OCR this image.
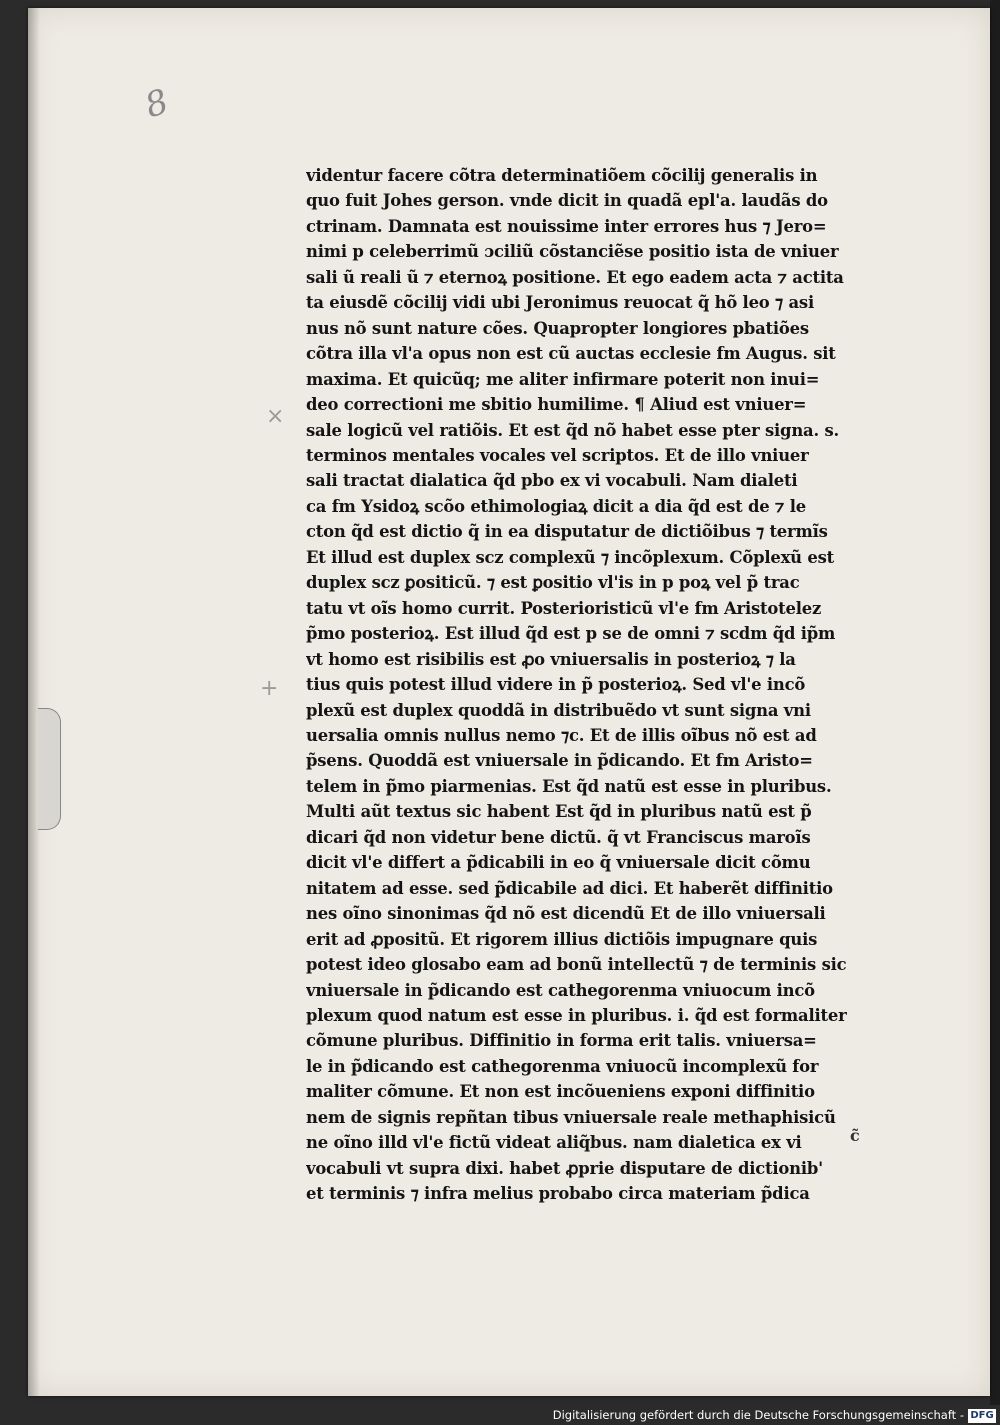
8
×
+
videntur facere cõtra determinatiõem cõcilij generalis in
quo fuit Johes gerson. vnde dicit in quadã epl'a. laudãs do
ctrinam. Damnata est nouissime inter errores hus ⁊ Jero=
nimi p celeberrimũ ɔciliũ cõstanciẽse positio ista de vniuer
sali ũ reali ũ ⁊ eternoꝝ positione. Et ego eadem acta ⁊ actita
ta eiusdẽ cõcilij vidi ubi Jeronimus reuocat q̃ hõ leo ⁊ asi
nus nõ sunt nature cões. Quapropter longiores pbatiões
cõtra illa vl'a opus non est cũ auctas ecclesie fm Augus. sit
maxima. Et quicũq; me aliter infirmare poterit non inui=
deo correctioni me sbitio humilime. ¶ Aliud est vniuer=
sale logicũ vel ratiõis. Et est q̃d nõ habet esse pter signa. s.
terminos mentales vocales vel scriptos. Et de illo vniuer
sali tractat dialatica q̃d pbo ex vi vocabuli. Nam dialeti
ca fm Ysidoꝝ scõo ethimologiaꝝ dicit a dia q̃d est de ⁊ le
cton q̃d est dictio q̃ in ea disputatur de dictiõibus ⁊ termĩs
Et illud est duplex scz complexũ ⁊ incõplexum. Cõplexũ est
duplex scz ꝑositicũ. ⁊ est ꝑositio vl'is in p poꝝ vel p̃ trac
tatu vt oĩs homo currit. Posterioristicũ vl'e fm Aristotelez
p̃mo posterioꝝ. Est illud q̃d est p se de omni ⁊ scdm q̃d ip̃m
vt homo est risibilis est ꝓo vniuersalis in posterioꝝ ⁊ la
tius quis potest illud videre in p̃ posterioꝝ. Sed vl'e incõ
plexũ est duplex quoddã in distribuẽdo vt sunt signa vni
uersalia omnis nullus nemo ⁊c. Et de illis oĩbus nõ est ad
p̃sens. Quoddã est vniuersale in p̃dicando. Et fm Aristo=
telem in p̃mo piarmenias. Est q̃d natũ est esse in pluribus.
Multi aũt textus sic habent Est q̃d in pluribus natũ est p̃
dicari q̃d non videtur bene dictũ. q̃ vt Franciscus maroĩs
dicit vl'e differt a p̃dicabili in eo q̃ vniuersale dicit cõmu
nitatem ad esse. sed p̃dicabile ad dici. Et haberẽt diffinitio
nes oĩno sinonimas q̃d nõ est dicendũ Et de illo vniuersali
erit ad ꝓpositũ. Et rigorem illius dictiõis impugnare quis
potest ideo glosabo eam ad bonũ intellectũ ⁊ de terminis sic
vniuersale in p̃dicando est cathegorenma vniuocum incõ
plexum quod natum est esse in pluribus. i. q̃d est formaliter
cõmune pluribus. Diffinitio in forma erit talis. vniuersa=
le in p̃dicando est cathegorenma vniuocũ incomplexũ for
maliter cõmune. Et non est incõueniens exponi diffinitio
nem de signis repñtan tibus vniuersale reale methaphisicũ
ne oĩno illd vl'e fictũ videat aliq̃bus. nam dialetica ex vi
vocabuli vt supra dixi. habet ꝓprie disputare de dictionib'
et terminis ⁊ infra melius probabo circa materiam p̃dica
c̃
Digitalisierung gefördert durch die Deutsche Forschungsgemeinschaft - DFG
